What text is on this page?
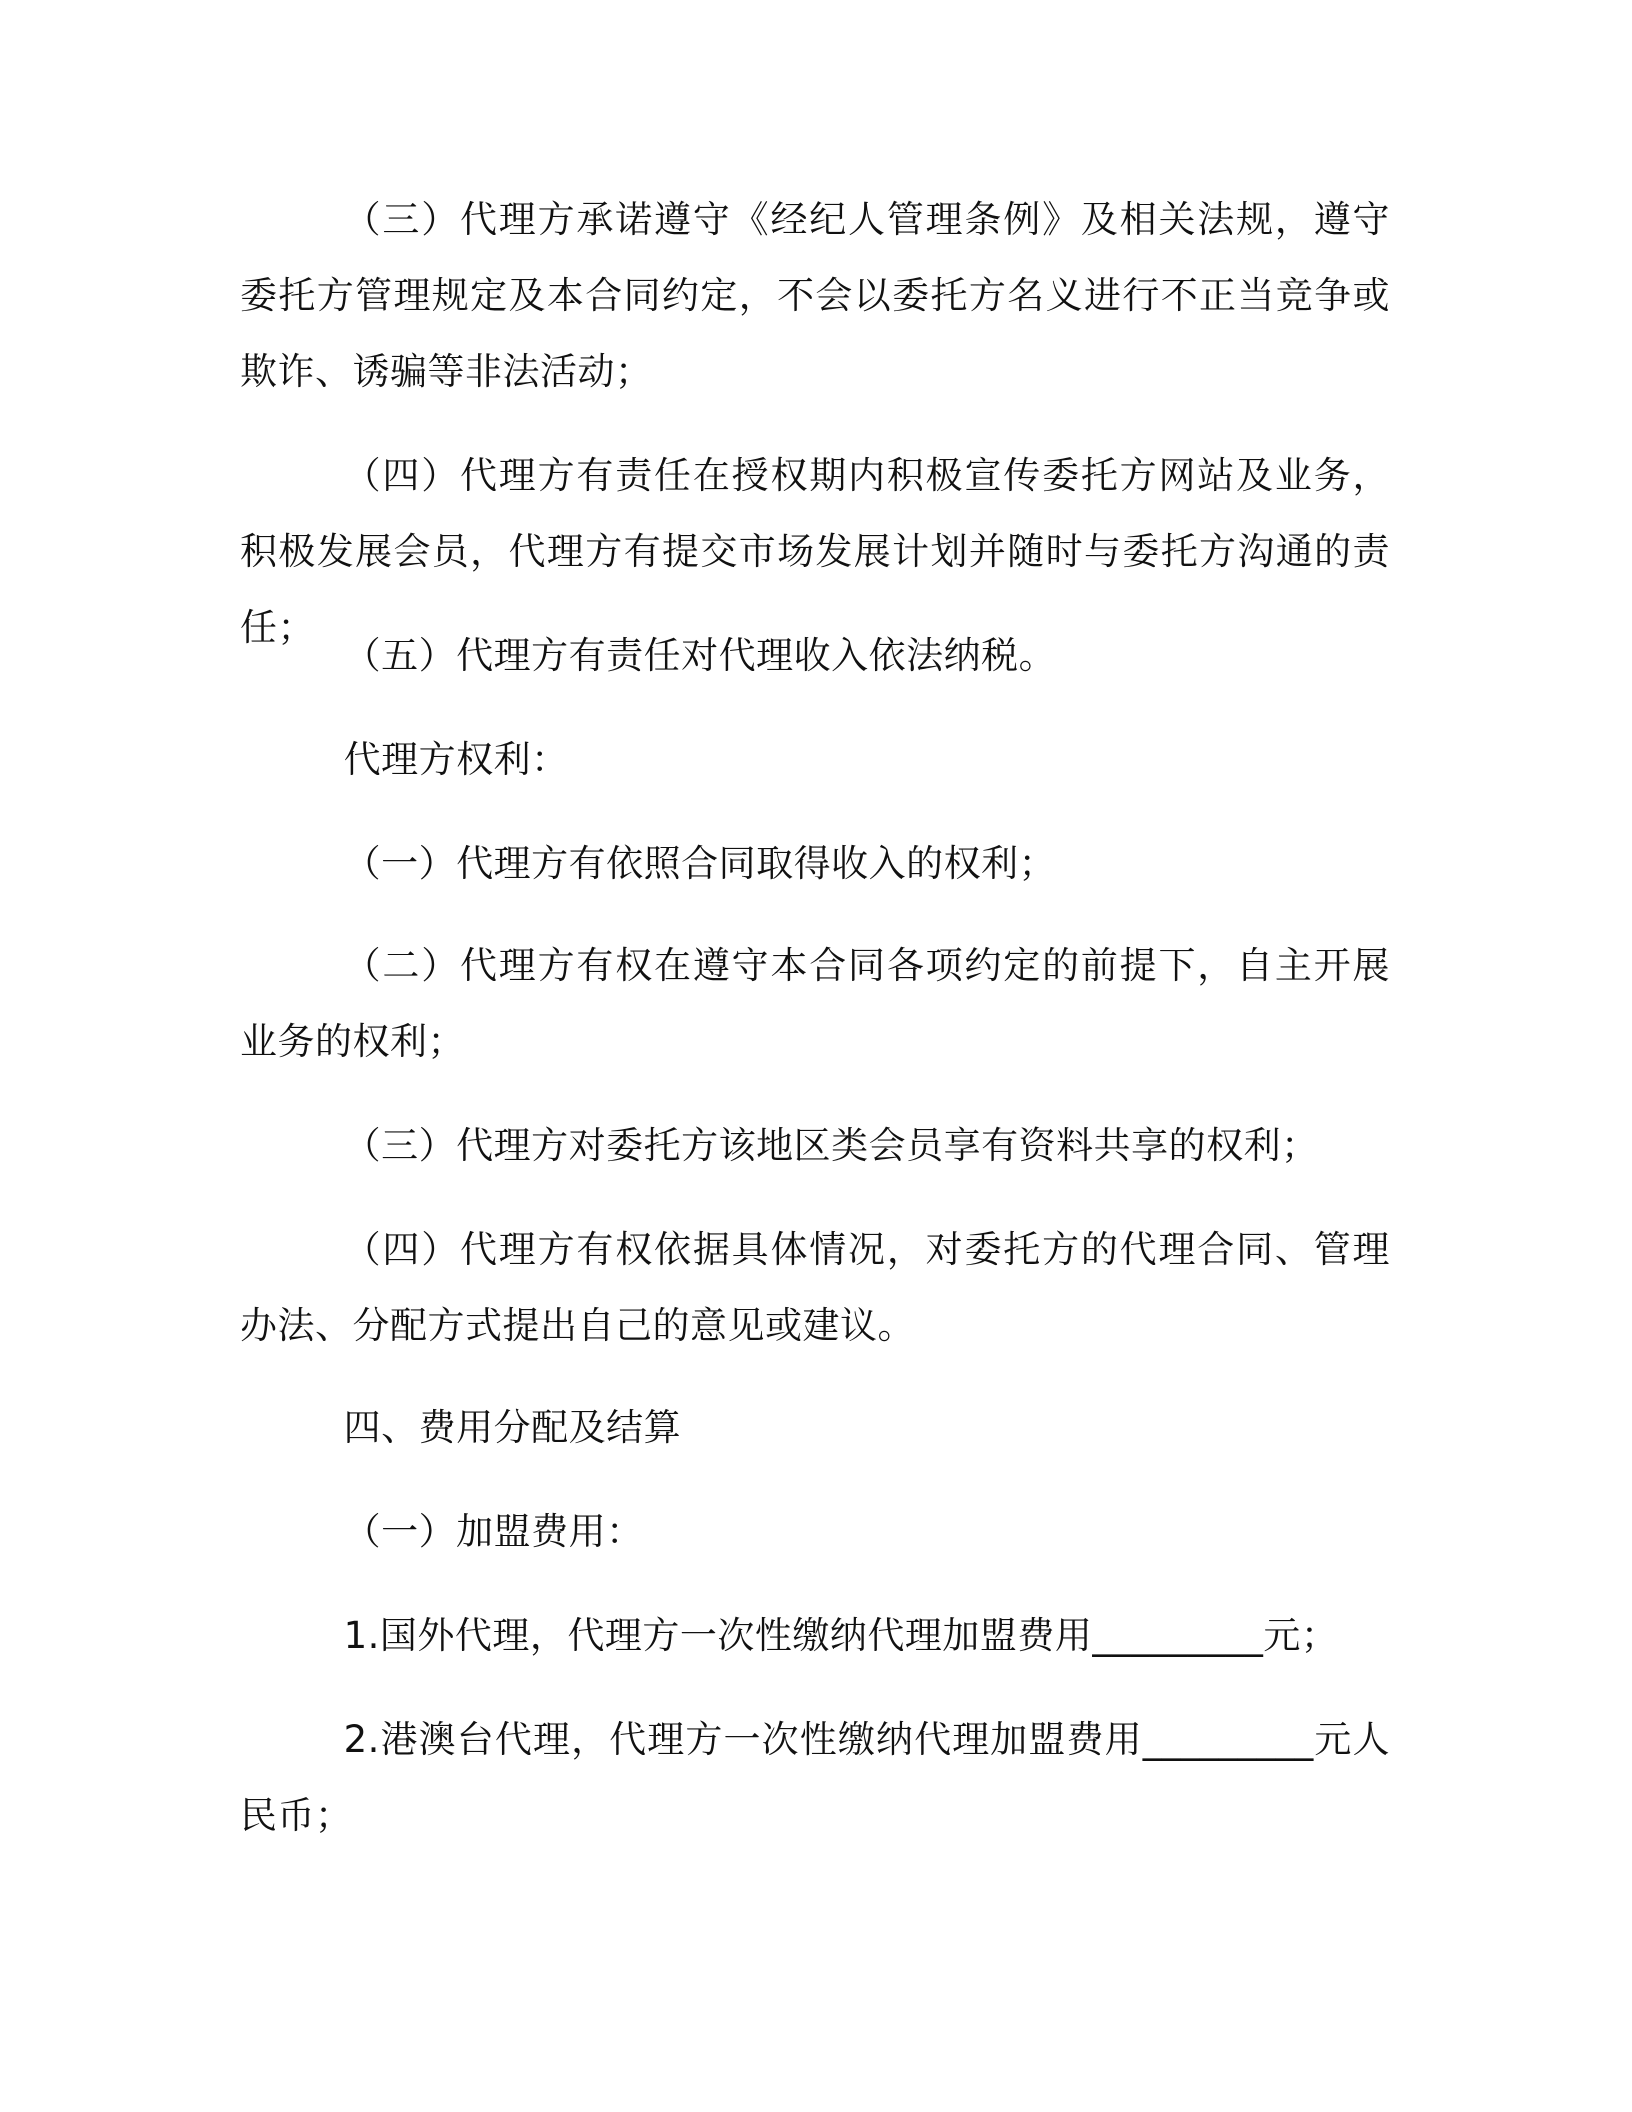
（三）代理方承诺遵守《经纪人管理条例》及相关法规，遵守委托方管理规定及本合同约定，不会以委托方名义进行不正当竞争或欺诈、诱骗等非法活动；

（四）代理方有责任在授权期内积极宣传委托方网站及业务，积极发展会员，代理方有提交市场发展计划并随时与委托方沟通的责任；

（五）代理方有责任对代理收入依法纳税。

代理方权利：

（一）代理方有依照合同取得收入的权利；

（二）代理方有权在遵守本合同各项约定的前提下，自主开展业务的权利；

（三）代理方对委托方该地区类会员享有资料共享的权利；

（四）代理方有权依据具体情况，对委托方的代理合同、管理办法、分配方式提出自己的意见或建议。

四、费用分配及结算

（一）加盟费用：

1.国外代理，代理方一次性缴纳代理加盟费用_________元；

2.港澳台代理，代理方一次性缴纳代理加盟费用_________元人民币；
